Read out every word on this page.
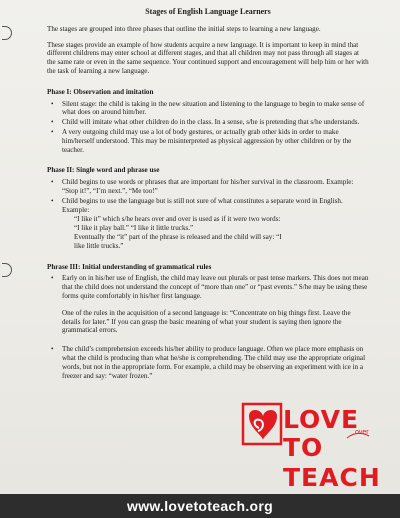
Stages of English Language Learners

The stages are grouped into three phases that outline the initial steps to learning a new language.

These stages provide an example of how students acquire a new language. It is important to keep in mind that different childrens may enter school at different stages, and that all children may not pass through all stages at the same rate or even in the same sequence. Your continued support and encouragement will help him or her with the task of learning a new language.

Phase I: Observation and imitation
• Silent stage: the child is taking in the new situation and listening to the language to begin to make sense of what does on around him/her.
• Child will imitate what other children do in the class. In a sense, s/he is pretending that s/he understands.
• A very outgoing child may use a lot of body gestures, or actually grab other kids in order to make him/herself understood. This may be misinterpreted as physical aggression by other children or by the teacher.
Phase II: Single word and phrase use
• Child begins to use words or phrases that are important for his/her survival in the classroom. Example: “Stop it!”, “I’m next.”, “Me too!”
• Child begins to use the language but is still not sure of what constitutes a separate word in English. Example:
“I like it” which s/he hears over and over is used as if it were two words:
“I like it play ball.” “I like it little trucks.”
Eventually the “it” part of the phrase is released and the child will say: “I
like little trucks.”
Phrase III: Initial understanding of grammatical rules
• Early on in his/her use of English, the child may leave out plurals or past tense markers. This does not mean that the child does not understand the concept of “more than one” or “past events.” S/he may be using these forms quite comfortably in his/her first language.
One of the rules in the acquisition of a second language is: “Concentrate on big things first. Leave the details for later.” If you can grasp the basic meaning of what your student is saying then ignore the grammatical errors.
• The child’s comprehension exceeds his/her ability to produce language. Often we place more emphasis on what the child is producing than what he/she is comprehending. The child may use the appropriate original words, but not in the appropriate form. For example, a child may be observing an experiment with ice in a freezer and say: “water frozen.”
LOVE
over
TO
TEACH
www.lovetoteach.org
